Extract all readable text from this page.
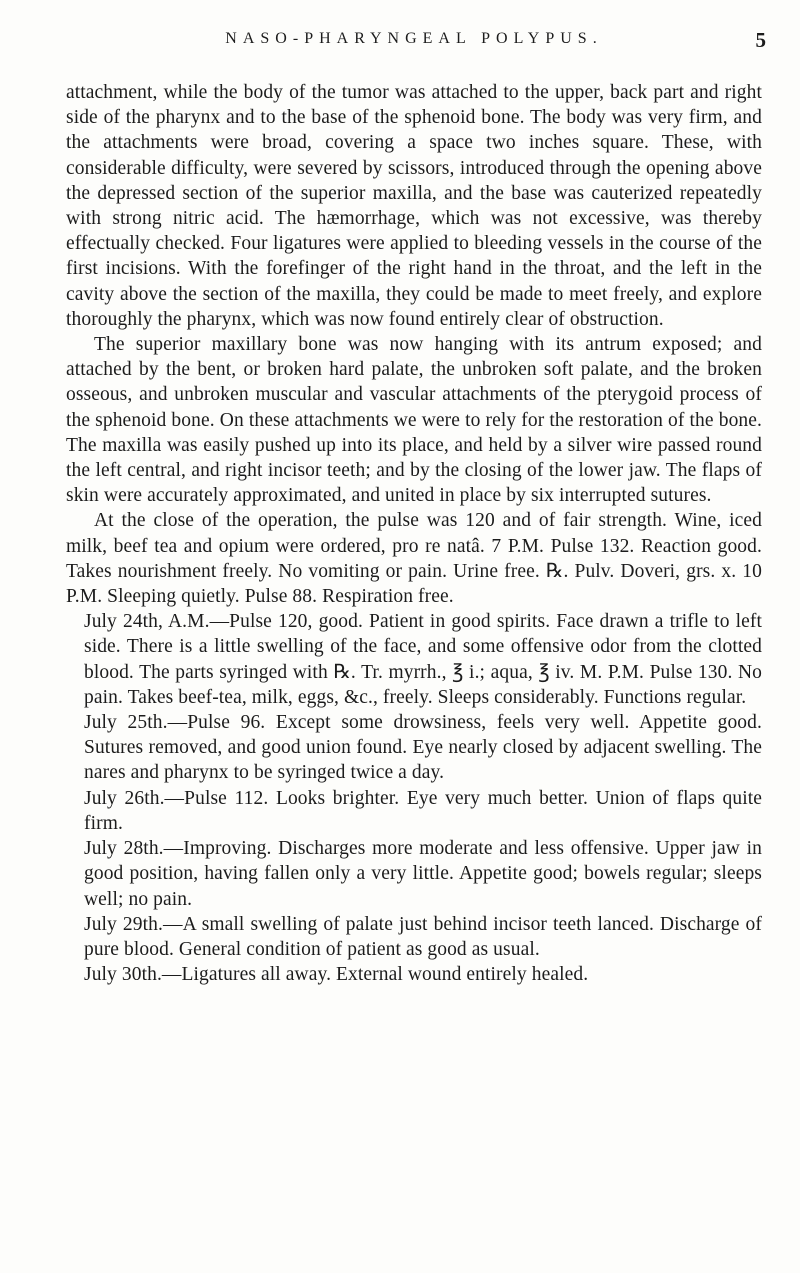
NASO-PHARYNGEAL POLYPUS.	5

attachment, while the body of the tumor was attached to the upper, back part and right side of the pharynx and to the base of the sphenoid bone. The body was very firm, and the attachments were broad, covering a space two inches square. These, with considerable difficulty, were severed by scissors, introduced through the opening above the depressed section of the superior maxilla, and the base was cauterized repeatedly with strong nitric acid. The hæmorrhage, which was not excessive, was thereby effectually checked. Four ligatures were applied to bleeding vessels in the course of the first incisions. With the forefinger of the right hand in the throat, and the left in the cavity above the section of the maxilla, they could be made to meet freely, and explore thoroughly the pharynx, which was now found entirely clear of obstruction.

The superior maxillary bone was now hanging with its antrum exposed; and attached by the bent, or broken hard palate, the unbroken soft palate, and the broken osseous, and unbroken muscular and vascular attachments of the pterygoid process of the sphenoid bone. On these attachments we were to rely for the restoration of the bone. The maxilla was easily pushed up into its place, and held by a silver wire passed round the left central, and right incisor teeth; and by the closing of the lower jaw. The flaps of skin were accurately approximated, and united in place by six interrupted sutures.

At the close of the operation, the pulse was 120 and of fair strength. Wine, iced milk, beef tea and opium were ordered, pro re natâ. 7 P.M. Pulse 132. Reaction good. Takes nourishment freely. No vomiting or pain. Urine free. ℞. Pulv. Doveri, grs. x. 10 P.M. Sleeping quietly. Pulse 88. Respiration free.

July 24th, A.M.—Pulse 120, good. Patient in good spirits. Face drawn a trifle to left side. There is a little swelling of the face, and some offensive odor from the clotted blood. The parts syringed with ℞. Tr. myrrh., ℥ i.; aqua, ℥ iv. M. P.M. Pulse 130. No pain. Takes beef-tea, milk, eggs, &c., freely. Sleeps considerably. Functions regular.

July 25th.—Pulse 96. Except some drowsiness, feels very well. Appetite good. Sutures removed, and good union found. Eye nearly closed by adjacent swelling. The nares and pharynx to be syringed twice a day.

July 26th.—Pulse 112. Looks brighter. Eye very much better. Union of flaps quite firm.

July 28th.—Improving. Discharges more moderate and less offensive. Upper jaw in good position, having fallen only a very little. Appetite good; bowels regular; sleeps well; no pain.

July 29th.—A small swelling of palate just behind incisor teeth lanced. Discharge of pure blood. General condition of patient as good as usual.

July 30th.—Ligatures all away. External wound entirely healed.
